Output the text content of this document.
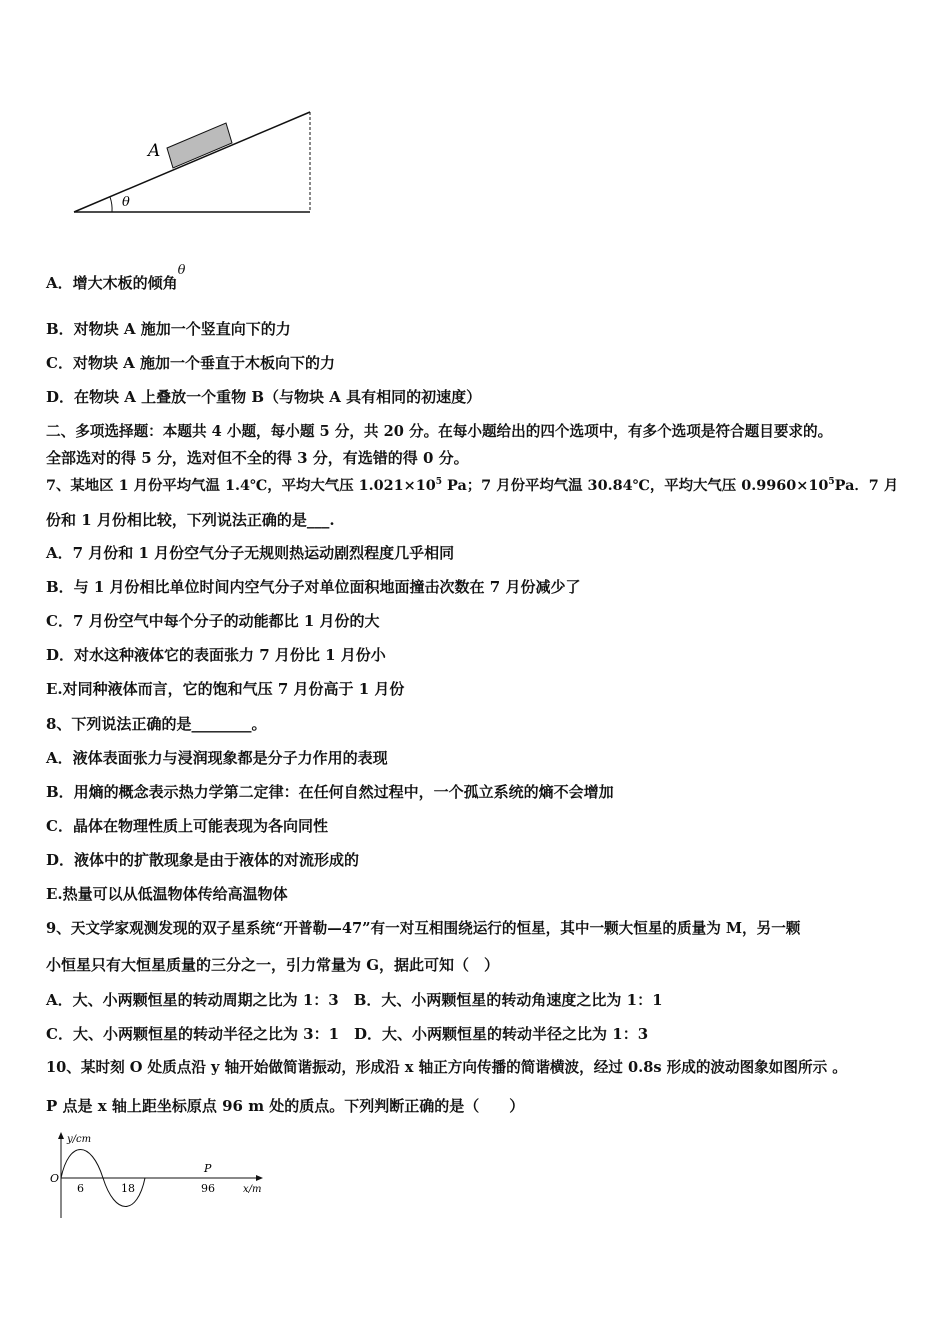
A
θ
A．增大木板的倾角θ
B．对物块 A 施加一个竖直向下的力
C．对物块 A 施加一个垂直于木板向下的力
D．在物块 A 上叠放一个重物 B（与物块 A 具有相同的初速度）
二、多项选择题：本题共 4 小题，每小题 5 分，共 20 分。在每小题给出的四个选项中，有多个选项是符合题目要求的。
全部选对的得 5 分，选对但不全的得 3 分，有选错的得 0 分。
7、某地区 1 月份平均气温 1.4℃，平均大气压 $1.021\times 10^5$ Pa；7 月份平均气温 30.84℃，平均大气压 $0.9960\times 10^5Pa$．7 月
份和 1 月份相比较，下列说法正确的是___.
A．7 月份和 1 月份空气分子无规则热运动剧烈程度几乎相同
B．与 1 月份相比单位时间内空气分子对单位面积地面撞击次数在 7 月份减少了
C．7 月份空气中每个分子的动能都比 1 月份的大
D．对水这种液体它的表面张力 7 月份比 1 月份小
E.对同种液体而言，它的饱和气压 7 月份高于 1 月份
8、下列说法正确的是________。
A．液体表面张力与浸润现象都是分子力作用的表现
B．用熵的概念表示热力学第二定律：在任何自然过程中，一个孤立系统的熵不会增加
C．晶体在物理性质上可能表现为各向同性
D．液体中的扩散现象是由于液体的对流形成的
E.热量可以从低温物体传给高温物体
9、天文学家观测发现的双子星系统“开普勒—47”有一对互相围绕运行的恒星，其中一颗大恒星的质量为 M，另一颗
小恒星只有大恒星质量的三分之一，引力常量为 G，据此可知（　）
A．大、小两颗恒星的转动周期之比为 1：3　B．大、小两颗恒星的转动角速度之比为 1：1
C．大、小两颗恒星的转动半径之比为 3：1　D．大、小两颗恒星的转动半径之比为 1：3
10、某时刻 O 处质点沿 y 轴开始做简谐振动，形成沿 x 轴正方向传播的简谐横波，经过 0.8s 形成的波动图象如图所示 。
P 点是 x 轴上距坐标原点 96 m 处的质点。下列判断正确的是（　　）
y/cm
O
6	18	96
P
x/m
